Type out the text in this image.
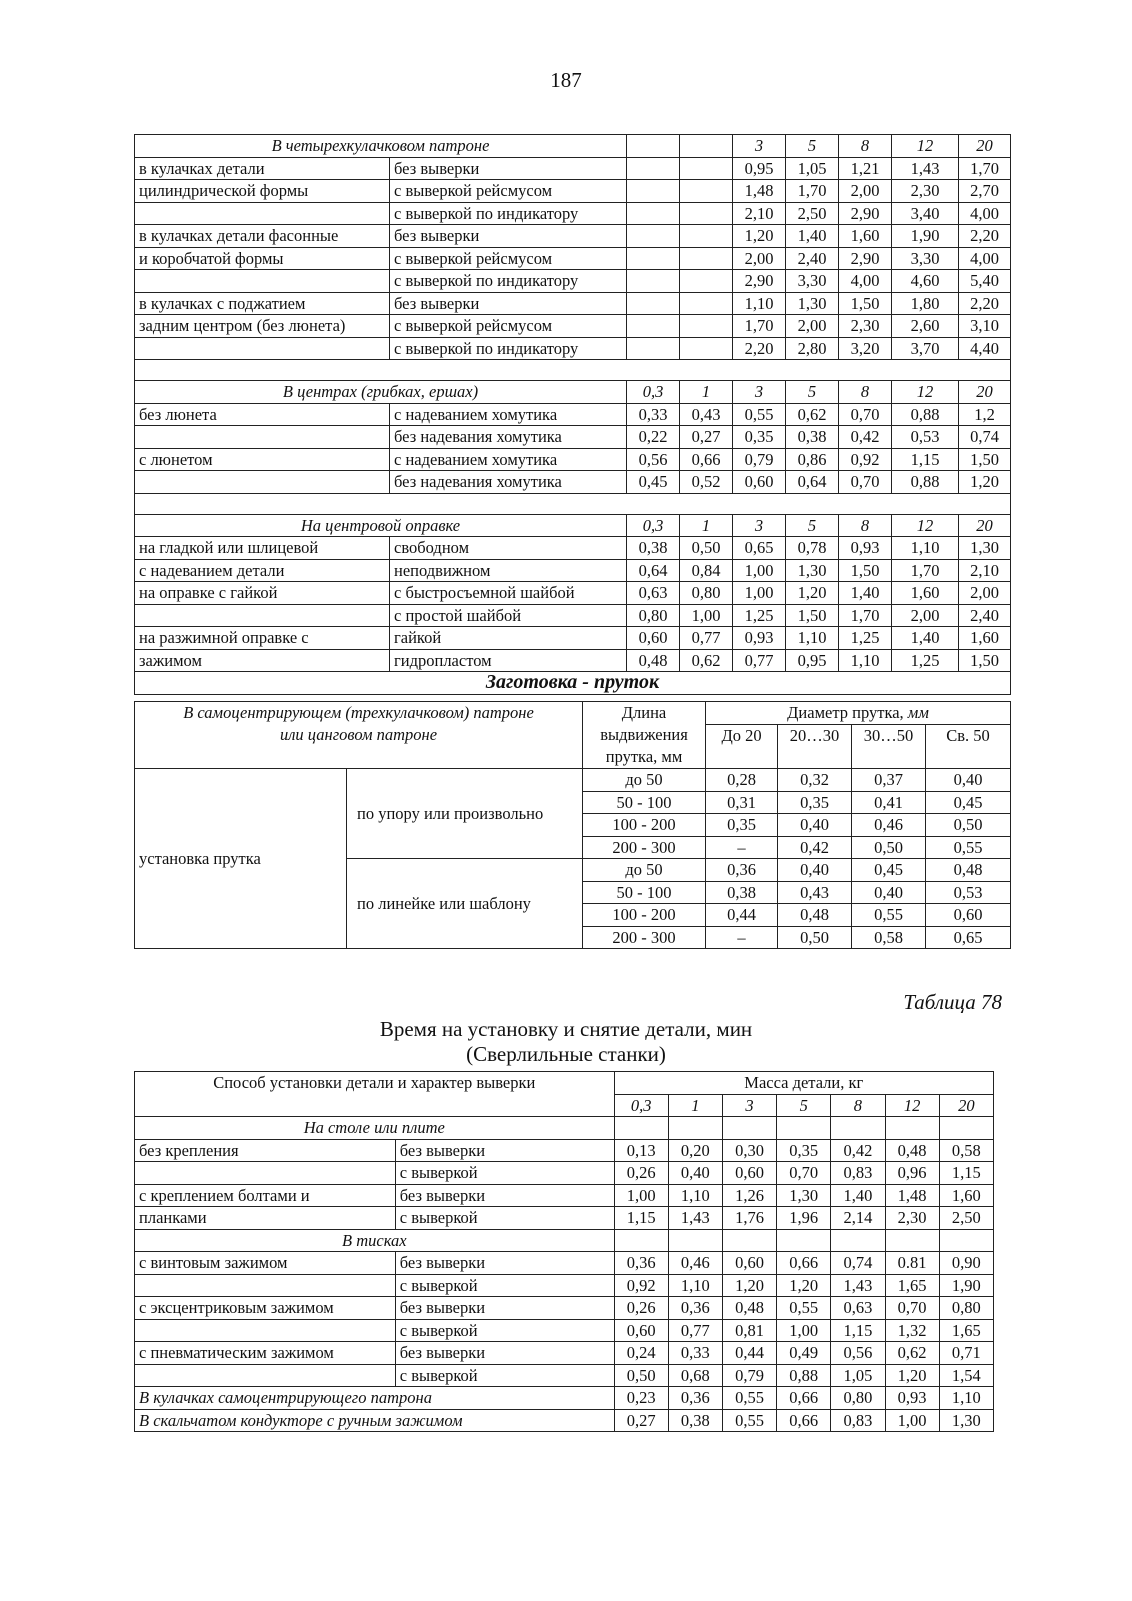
187
В четырехкулачковом патроне				3	5	8	12	20
в кулачках детали	без выверки			0,95	1,05	1,21	1,43	1,70
цилиндрической формы	с выверкой рейсмусом			1,48	1,70	2,00	2,30	2,70
	с выверкой по индикатору			2,10	2,50	2,90	3,40	4,00
в кулачках детали фасонные	без выверки			1,20	1,40	1,60	1,90	2,20
и коробчатой формы	с выверкой рейсмусом			2,00	2,40	2,90	3,30	4,00
	с выверкой по индикатору			2,90	3,30	4,00	4,60	5,40
в кулачках с поджатием	без выверки			1,10	1,30	1,50	1,80	2,20
задним центром (без люнета)	с выверкой рейсмусом			1,70	2,00	2,30	2,60	3,10
	с выверкой по индикатору			2,20	2,80	3,20	3,70	4,40

В центрах (грибках, ершах)		0,3	1	3	5	8	12	20
без люнета	с надеванием хомутика	0,33	0,43	0,55	0,62	0,70	0,88	1,2
	без надевания хомутика	0,22	0,27	0,35	0,38	0,42	0,53	0,74
с люнетом	с надеванием хомутика	0,56	0,66	0,79	0,86	0,92	1,15	1,50
	без надевания хомутика	0,45	0,52	0,60	0,64	0,70	0,88	1,20

На центровой оправке		0,3	1	3	5	8	12	20
на гладкой или шлицевой	свободном	0,38	0,50	0,65	0,78	0,93	1,10	1,30
с надеванием детали	неподвижном	0,64	0,84	1,00	1,30	1,50	1,70	2,10
на оправке с гайкой	с быстросъемной шайбой	0,63	0,80	1,00	1,20	1,40	1,60	2,00
	с простой шайбой	0,80	1,00	1,25	1,50	1,70	2,00	2,40
на разжимной оправке с	гайкой	0,60	0,77	0,93	1,10	1,25	1,40	1,60
зажимом	гидропластом	0,48	0,62	0,77	0,95	1,10	1,25	1,50
Заготовка - пруток								
В самоцентрирующем (трехкулачковом) патроне
или цанговом патроне		Длина выдвижения прутка, мм	Диаметр прутка, мм			
			До 20	20…30	30…50	Св. 50

установка прутка	по упору или произвольно	до 50	0,28	0,32	0,37	0,40
		50 - 100	0,31	0,35	0,41	0,45
		100 - 200	0,35	0,40	0,46	0,50
		200 - 300	–	0,42	0,50	0,55
	по линейке или шаблону	до 50	0,36	0,40	0,45	0,48
		50 - 100	0,38	0,43	0,40	0,53
		100 - 200	0,44	0,48	0,55	0,60
		200 - 300	–	0,50	0,58	0,65
Таблица 78
Время на установку и снятие детали, мин
(Сверлильные станки)
Способ установки детали и характер выверки		Масса детали, кг						
		0,3	1	3	5	8	12	20
На столе или плите								
без крепления	без выверки	0,13	0,20	0,30	0,35	0,42	0,48	0,58
	с выверкой	0,26	0,40	0,60	0,70	0,83	0,96	1,15
с креплением болтами и	без выверки	1,00	1,10	1,26	1,30	1,40	1,48	1,60
планками	с выверкой	1,15	1,43	1,76	1,96	2,14	2,30	2,50
В тисках								
с винтовым зажимом	без выверки	0,36	0,46	0,60	0,66	0,74	0.81	0,90
	с выверкой	0,92	1,10	1,20	1,20	1,43	1,65	1,90
с эксцентриковым зажимом	без выверки	0,26	0,36	0,48	0,55	0,63	0,70	0,80
	с выверкой	0,60	0,77	0,81	1,00	1,15	1,32	1,65
с пневматическим зажимом	без выверки	0,24	0,33	0,44	0,49	0,56	0,62	0,71
	с выверкой	0,50	0,68	0,79	0,88	1,05	1,20	1,54
В кулачках самоцентрирующего патрона		0,23	0,36	0,55	0,66	0,80	0,93	1,10
В скальчатом кондукторе с ручным зажимом		0,27	0,38	0,55	0,66	0,83	1,00	1,30
